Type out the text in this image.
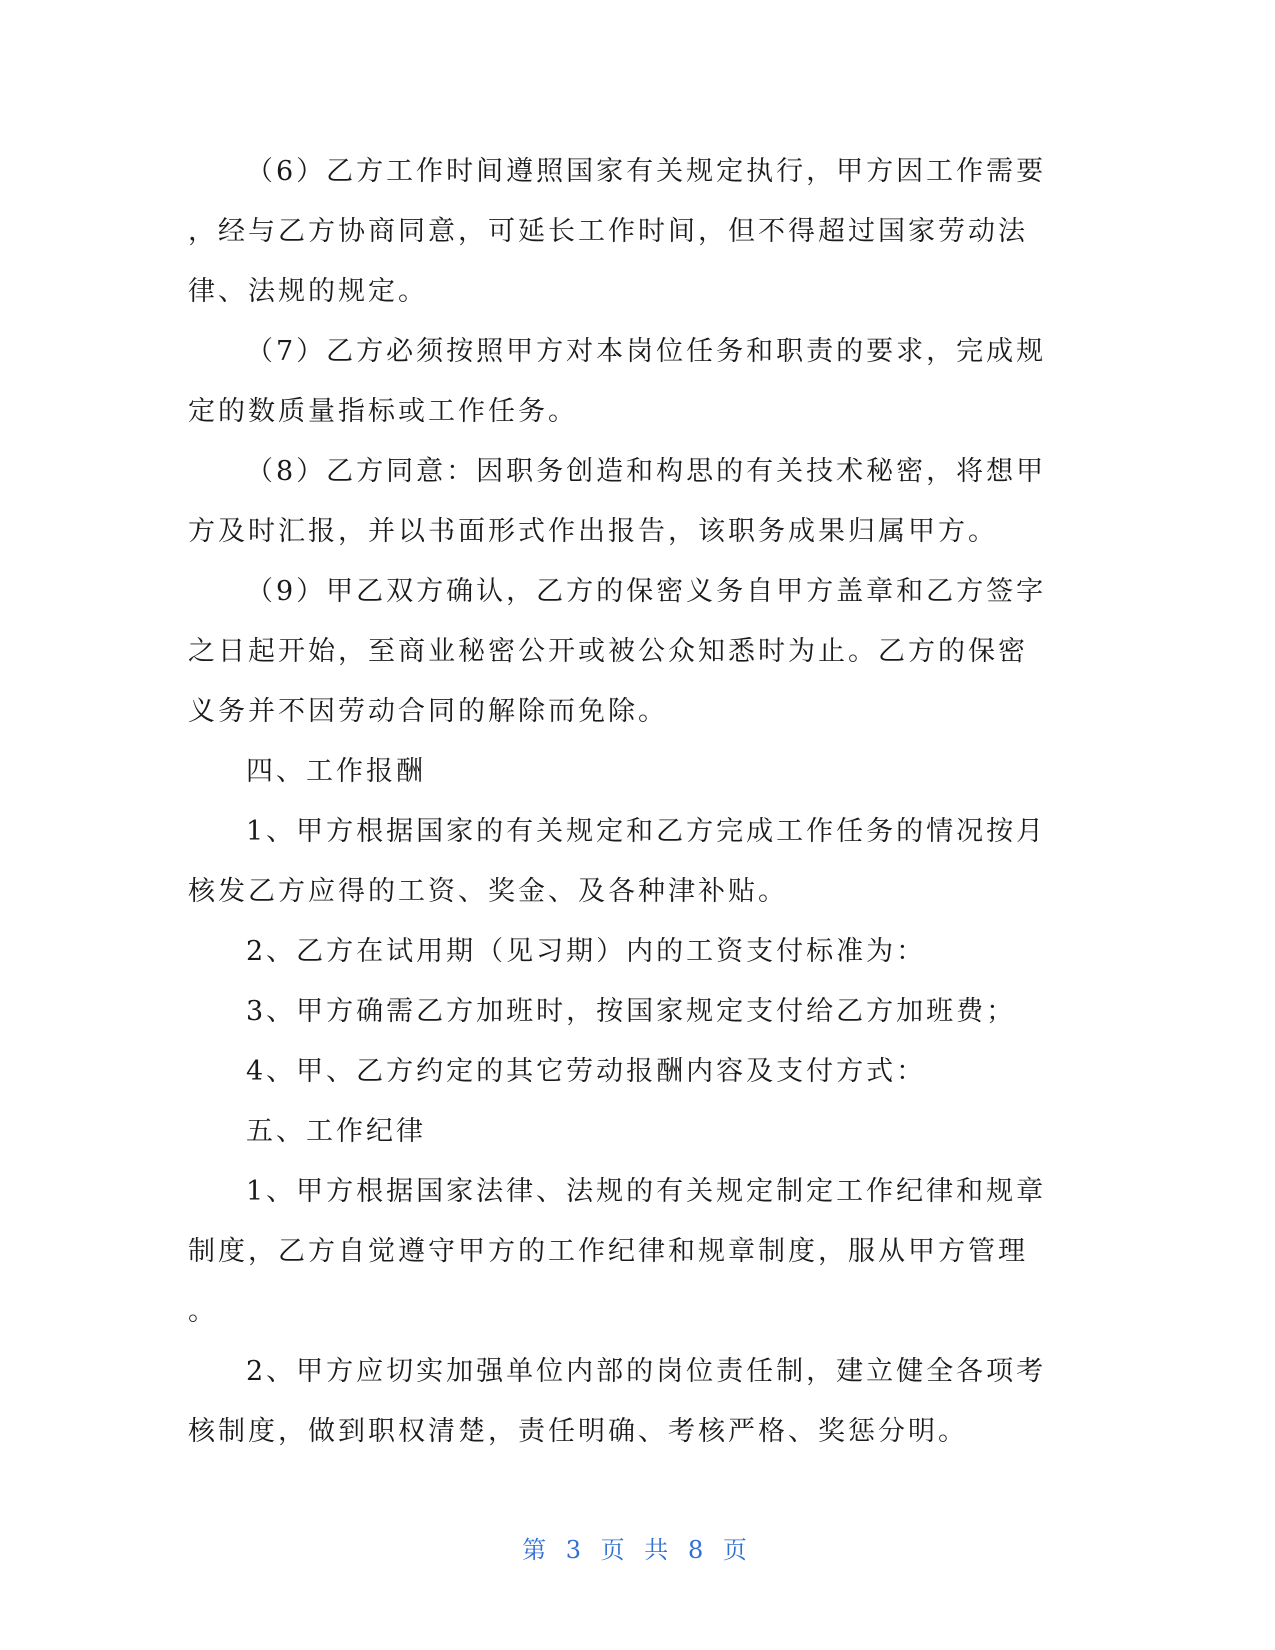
（6）乙方工作时间遵照国家有关规定执行，甲方因工作需要
，经与乙方协商同意，可延长工作时间，但不得超过国家劳动法
律、法规的规定。

（7）乙方必须按照甲方对本岗位任务和职责的要求，完成规
定的数质量指标或工作任务。

（8）乙方同意：因职务创造和构思的有关技术秘密，将想甲
方及时汇报，并以书面形式作出报告，该职务成果归属甲方。

（9）甲乙双方确认，乙方的保密义务自甲方盖章和乙方签字
之日起开始，至商业秘密公开或被公众知悉时为止。乙方的保密
义务并不因劳动合同的解除而免除。

四、工作报酬

1、甲方根据国家的有关规定和乙方完成工作任务的情况按月
核发乙方应得的工资、奖金、及各种津补贴。

2、乙方在试用期（见习期）内的工资支付标准为：

3、甲方确需乙方加班时，按国家规定支付给乙方加班费；

4、甲、乙方约定的其它劳动报酬内容及支付方式：

五、工作纪律

1、甲方根据国家法律、法规的有关规定制定工作纪律和规章
制度，乙方自觉遵守甲方的工作纪律和规章制度，服从甲方管理
。

2、甲方应切实加强单位内部的岗位责任制，建立健全各项考
核制度，做到职权清楚，责任明确、考核严格、奖惩分明。

第 3 页 共 8 页
